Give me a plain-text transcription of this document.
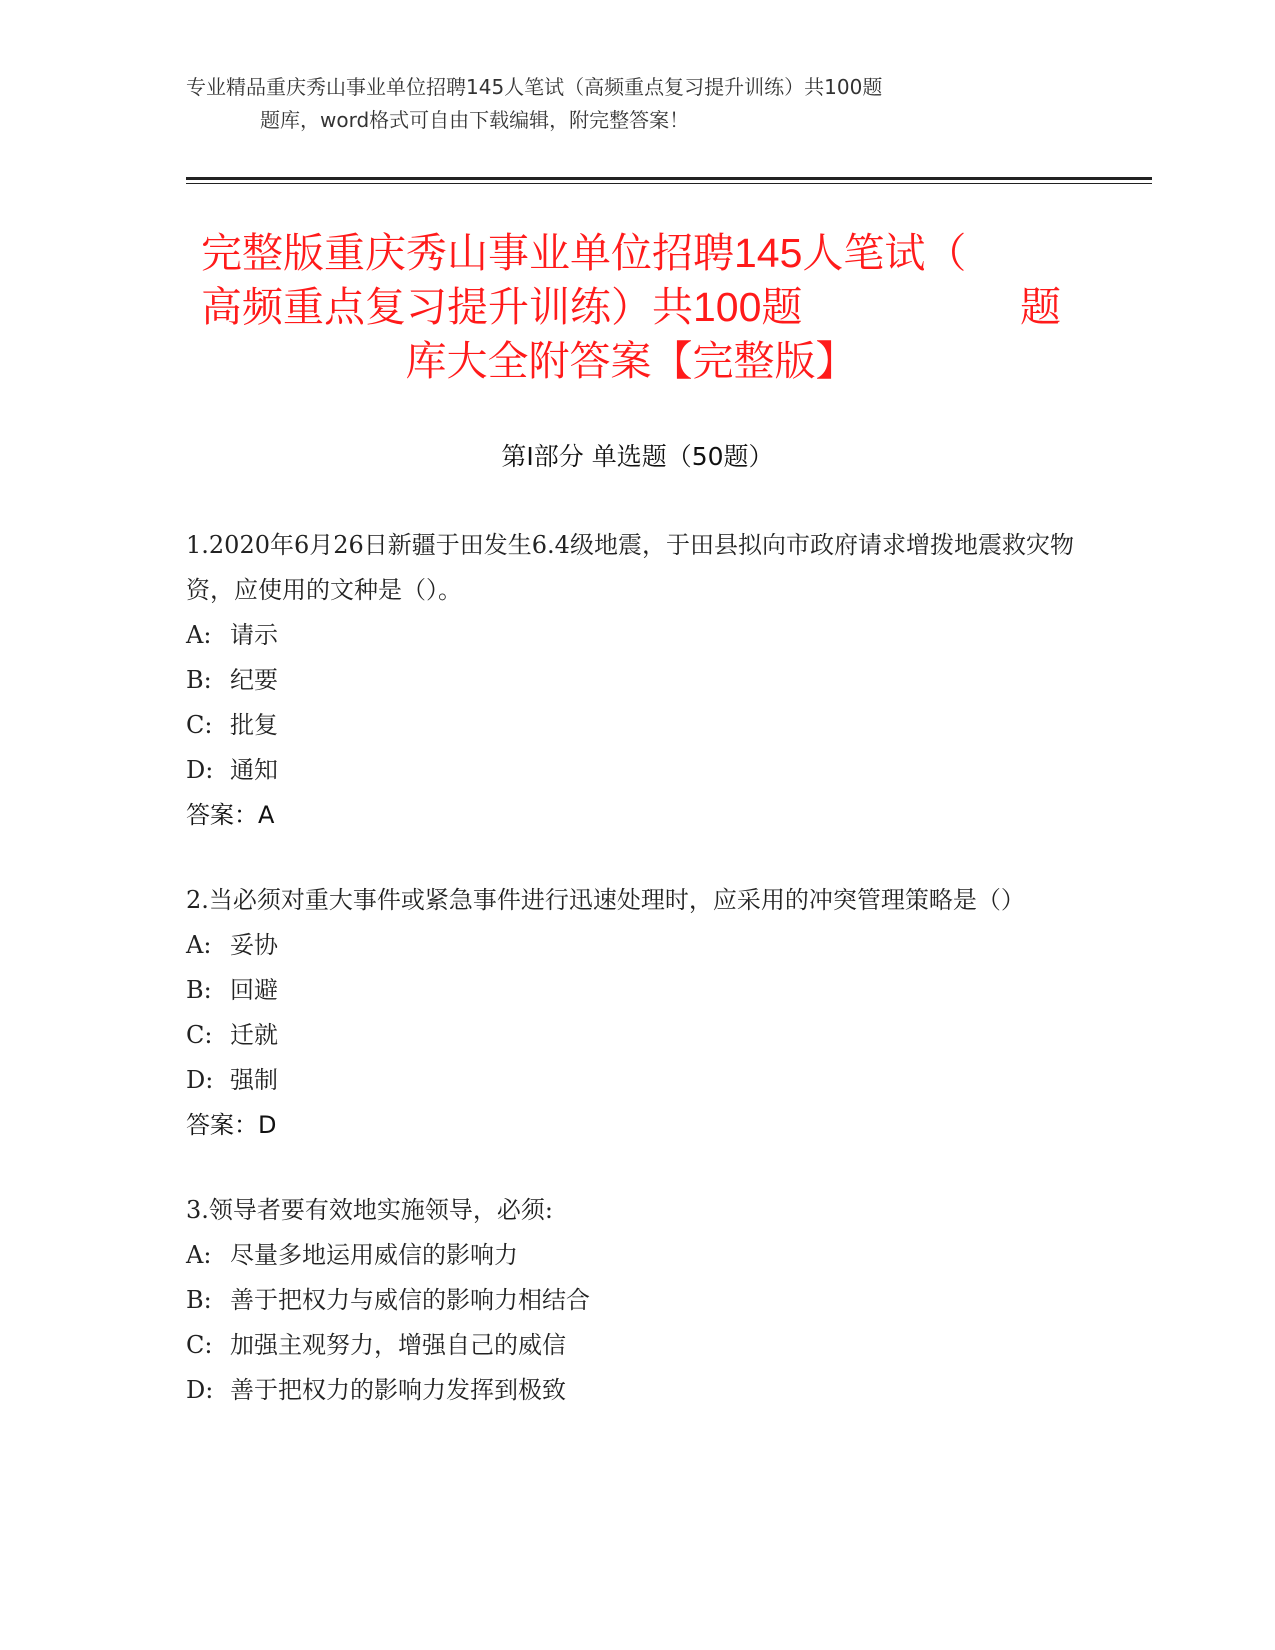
专业精品重庆秀山事业单位招聘145人笔试（高频重点复习提升训练）共100题
题库，word格式可自由下载编辑，附完整答案！
完整版重庆秀山事业单位招聘145人笔试（
高频重点复习提升训练）共100题	题
库大全附答案【完整版】
第Ⅰ部分 单选题（50题）

1.2020年6月26日新疆于田发生6.4级地震，于田县拟向市政府请求增拨地震救灾物资，应使用的文种是（）。

A: 请示

B: 纪要

C: 批复

D: 通知

答案：A

2.当必须对重大事件或紧急事件进行迅速处理时，应采用的冲突管理策略是（）

A: 妥协

B: 回避

C: 迁就

D: 强制

答案：D

3.领导者要有效地实施领导，必须:

A: 尽量多地运用威信的影响力

B: 善于把权力与威信的影响力相结合

C: 加强主观努力，增强自己的威信

D: 善于把权力的影响力发挥到极致
